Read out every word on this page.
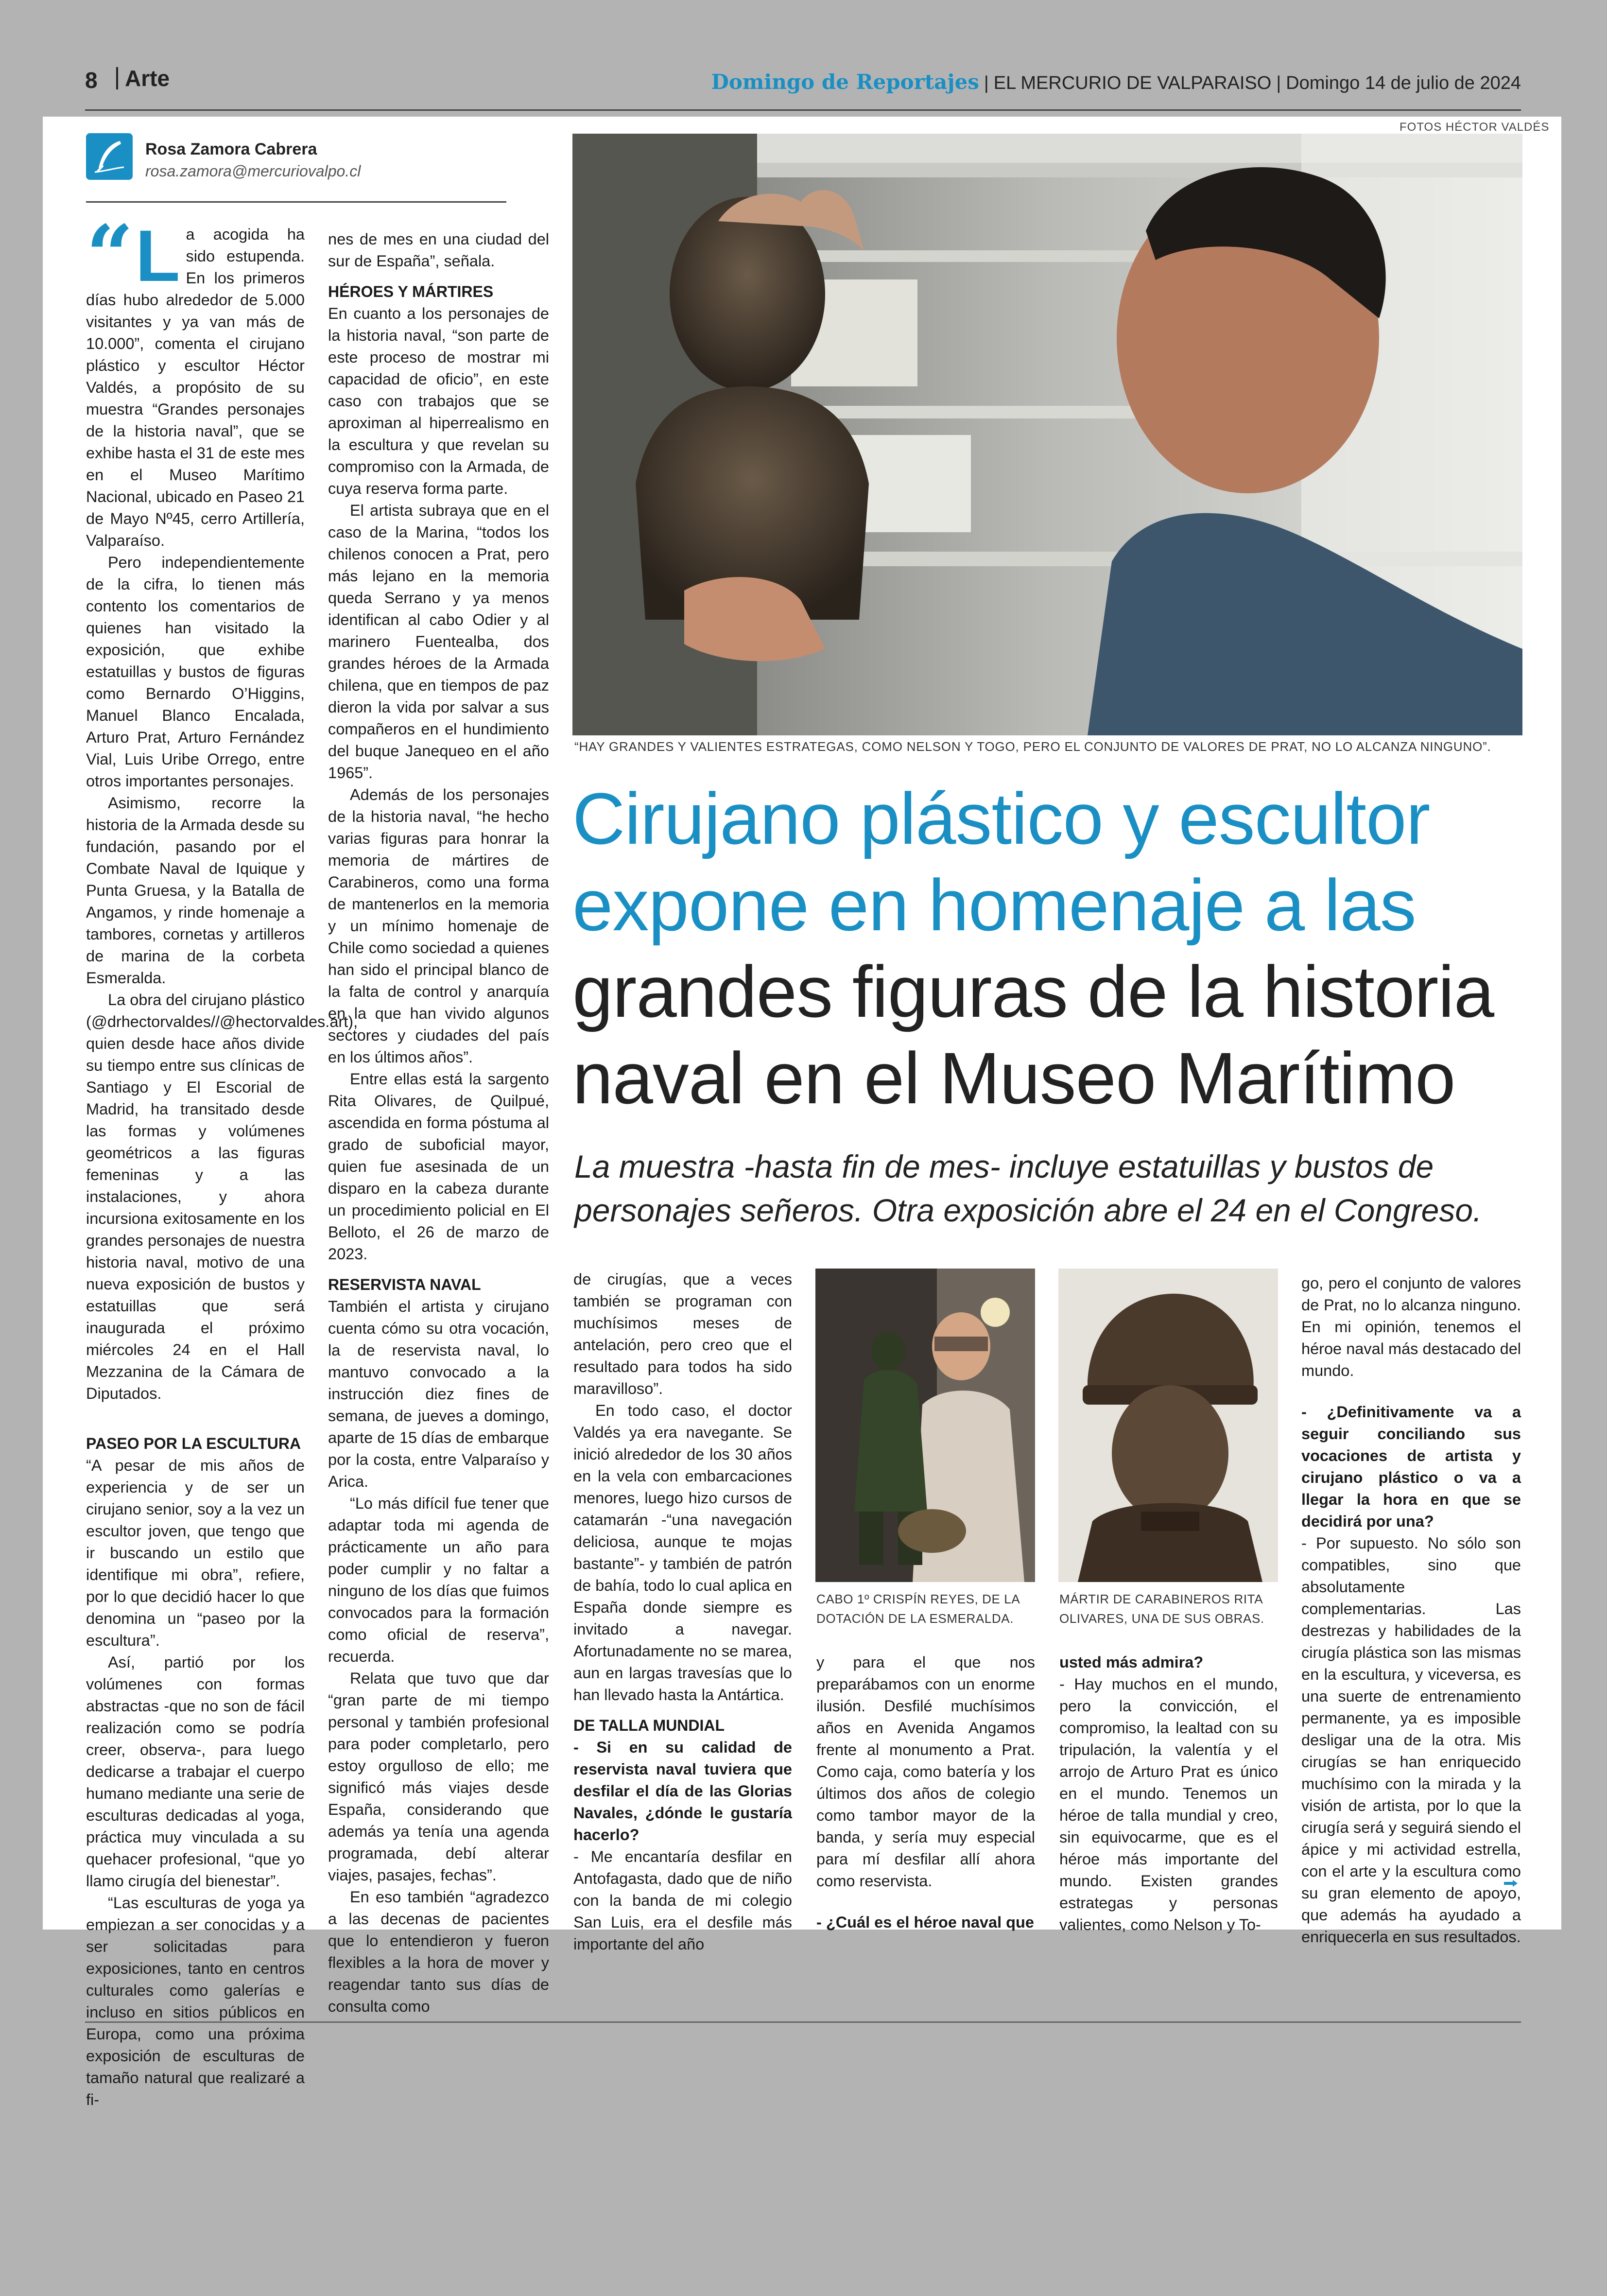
8	Arte	Domingo de Reportajes | EL MERCURIO DE VALPARAISO | Domingo 14 de julio de 2024
FOTOS HÉCTOR VALDÉS
Rosa Zamora Cabrera
rosa.zamora@mercuriovalpo.cl
“ L a acogida ha sido estupenda. En los primeros días hubo alrededor de 5.000 visitantes y ya van más de 10.000”, comenta el cirujano plástico y escultor Héctor Valdés, a propósito de su muestra “Grandes personajes de la historia naval”, que se exhibe hasta el 31 de este mes en el Museo Marítimo Nacional, ubicado en Paseo 21 de Mayo Nº45, cerro Artillería, Valparaíso.

Pero independientemente de la cifra, lo tienen más contento los comentarios de quienes han visitado la exposición, que exhibe estatuillas y bustos de figuras como Bernardo O’Higgins, Manuel Blanco Encalada, Arturo Prat, Arturo Fernández Vial, Luis Uribe Orrego, entre otros importantes personajes.

Asimismo, recorre la historia de la Armada desde su fundación, pasando por el Combate Naval de Iquique y Punta Gruesa, y la Batalla de Angamos, y rinde homenaje a tambores, cornetas y artilleros de marina de la corbeta Esmeralda.

La obra del cirujano plástico (@drhectorvaldes//@hectorvaldes.art), quien desde hace años divide su tiempo entre sus clínicas de Santiago y El Escorial de Madrid, ha transitado desde las formas y volúmenes geométricos a las figuras femeninas y a las instalaciones, y ahora incursiona exitosamente en los grandes personajes de nuestra historia naval, motivo de una nueva exposición de bustos y estatuillas que será inaugurada el próximo miércoles 24 en el Hall Mezzanina de la Cámara de Diputados.

PASEO POR LA ESCULTURA

“A pesar de mis años de experiencia y de ser un cirujano senior, soy a la vez un escultor joven, que tengo que ir buscando un estilo que identifique mi obra”, refiere, por lo que decidió hacer lo que denomina un “paseo por la escultura”.

Así, partió por los volúmenes con formas abstractas -que no son de fácil realización como se podría creer, observa-, para luego dedicarse a trabajar el cuerpo humano mediante una serie de esculturas dedicadas al yoga, práctica muy vinculada a su quehacer profesional, “que yo llamo cirugía del bienestar”.

“Las esculturas de yoga ya empiezan a ser conocidas y a ser solicitadas para exposiciones, tanto en centros culturales como galerías e incluso en sitios públicos en Europa, como una próxima exposición de esculturas de tamaño natural que realizaré a fi-

nes de mes en una ciudad del sur de España”, señala.

HÉROES Y MÁRTIRES

En cuanto a los personajes de la historia naval, “son parte de este proceso de mostrar mi capacidad de oficio”, en este caso con trabajos que se aproximan al hiperrealismo en la escultura y que revelan su compromiso con la Armada, de cuya reserva forma parte.

El artista subraya que en el caso de la Marina, “todos los chilenos conocen a Prat, pero más lejano en la memoria queda Serrano y ya menos identifican al cabo Odier y al marinero Fuentealba, dos grandes héroes de la Armada chilena, que en tiempos de paz dieron la vida por salvar a sus compañeros en el hundimiento del buque Janequeo en el año 1965”.

Además de los personajes de la historia naval, “he hecho varias figuras para honrar la memoria de mártires de Carabineros, como una forma de mantenerlos en la memoria y un mínimo homenaje de Chile como sociedad a quienes han sido el principal blanco de la falta de control y anarquía en la que han vivido algunos sectores y ciudades del país en los últimos años”.

Entre ellas está la sargento Rita Olivares, de Quilpué, ascendida en forma póstuma al grado de suboficial mayor, quien fue asesinada de un disparo en la cabeza durante un procedimiento policial en El Belloto, el 26 de marzo de 2023.

RESERVISTA NAVAL

También el artista y cirujano cuenta cómo su otra vocación, la de reservista naval, lo mantuvo convocado a la instrucción diez fines de semana, de jueves a domingo, aparte de 15 días de embarque por la costa, entre Valparaíso y Arica.

“Lo más difícil fue tener que adaptar toda mi agenda de prácticamente un año para poder cumplir y no faltar a ninguno de los días que fuimos convocados para la formación como oficial de reserva”, recuerda.

Relata que tuvo que dar “gran parte de mi tiempo personal y también profesional para poder completarlo, pero estoy orgulloso de ello; me significó más viajes desde España, considerando que además ya tenía una agenda programada, debí alterar viajes, pasajes, fechas”.

En eso también “agradezco a las decenas de pacientes que lo entendieron y fueron flexibles a la hora de mover y reagendar tanto sus días de consulta como

“HAY GRANDES Y VALIENTES ESTRATEGAS, COMO NELSON Y TOGO, PERO EL CONJUNTO DE VALORES DE PRAT, NO LO ALCANZA NINGUNO”.
Cirujano plástico y escultor expone en homenaje a las grandes figuras de la historia naval en el Museo Marítimo
La muestra -hasta fin de mes- incluye estatuillas y bustos de personajes señeros. Otra exposición abre el 24 en el Congreso.

de cirugías, que a veces también se programan con muchísimos meses de antelación, pero creo que el resultado para todos ha sido maravilloso”.

En todo caso, el doctor Valdés ya era navegante. Se inició alrededor de los 30 años en la vela con embarcaciones menores, luego hizo cursos de catamarán -“una navegación deliciosa, aunque te mojas bastante”- y también de patrón de bahía, todo lo cual aplica en España donde siempre es invitado a navegar. Afortunadamente no se marea, aun en largas travesías que lo han llevado hasta la Antártica.

DE TALLA MUNDIAL

- Si en su calidad de reservista naval tuviera que desfilar el día de las Glorias Navales, ¿dónde le gustaría hacerlo?

- Me encantaría desfilar en Antofagasta, dado que de niño con la banda de mi colegio San Luis, era el desfile más importante del año

CABO 1º CRISPÍN REYES, DE LA DOTACIÓN DE LA ESMERALDA.

y para el que nos preparábamos con un enorme ilusión. Desfilé muchísimos años en Avenida Angamos frente al monumento a Prat. Como caja, como batería y los últimos dos años de colegio como tambor mayor de la banda, y sería muy especial para mí desfilar allí ahora como reservista.

- ¿Cuál es el héroe naval que

MÁRTIR DE CARABINEROS RITA OLIVARES, UNA DE SUS OBRAS.

usted más admira?

- Hay muchos en el mundo, pero la convicción, el compromiso, la lealtad con su tripulación, la valentía y el arrojo de Arturo Prat es único en el mundo. Tenemos un héroe de talla mundial y creo, sin equivocarme, que es el héroe más importante del mundo. Existen grandes estrategas y personas valientes, como Nelson y To-

go, pero el conjunto de valores de Prat, no lo alcanza ninguno. En mi opinión, tenemos el héroe naval más destacado del mundo.

- ¿Definitivamente va a seguir conciliando sus vocaciones de artista y cirujano plástico o va a llegar la hora en que se decidirá por una?

- Por supuesto. No sólo son compatibles, sino que absolutamente complementarias. Las destrezas y habilidades de la cirugía plástica son las mismas en la escultura, y viceversa, es una suerte de entrenamiento permanente, ya es imposible desligar una de la otra. Mis cirugías se han enriquecido muchísimo con la mirada y la visión de artista, por lo que la cirugía será y seguirá siendo el ápice y mi actividad estrella, con el arte y la escultura como su gran elemento de apoyo, que además ha ayudado a enriquecerla en sus resultados.
